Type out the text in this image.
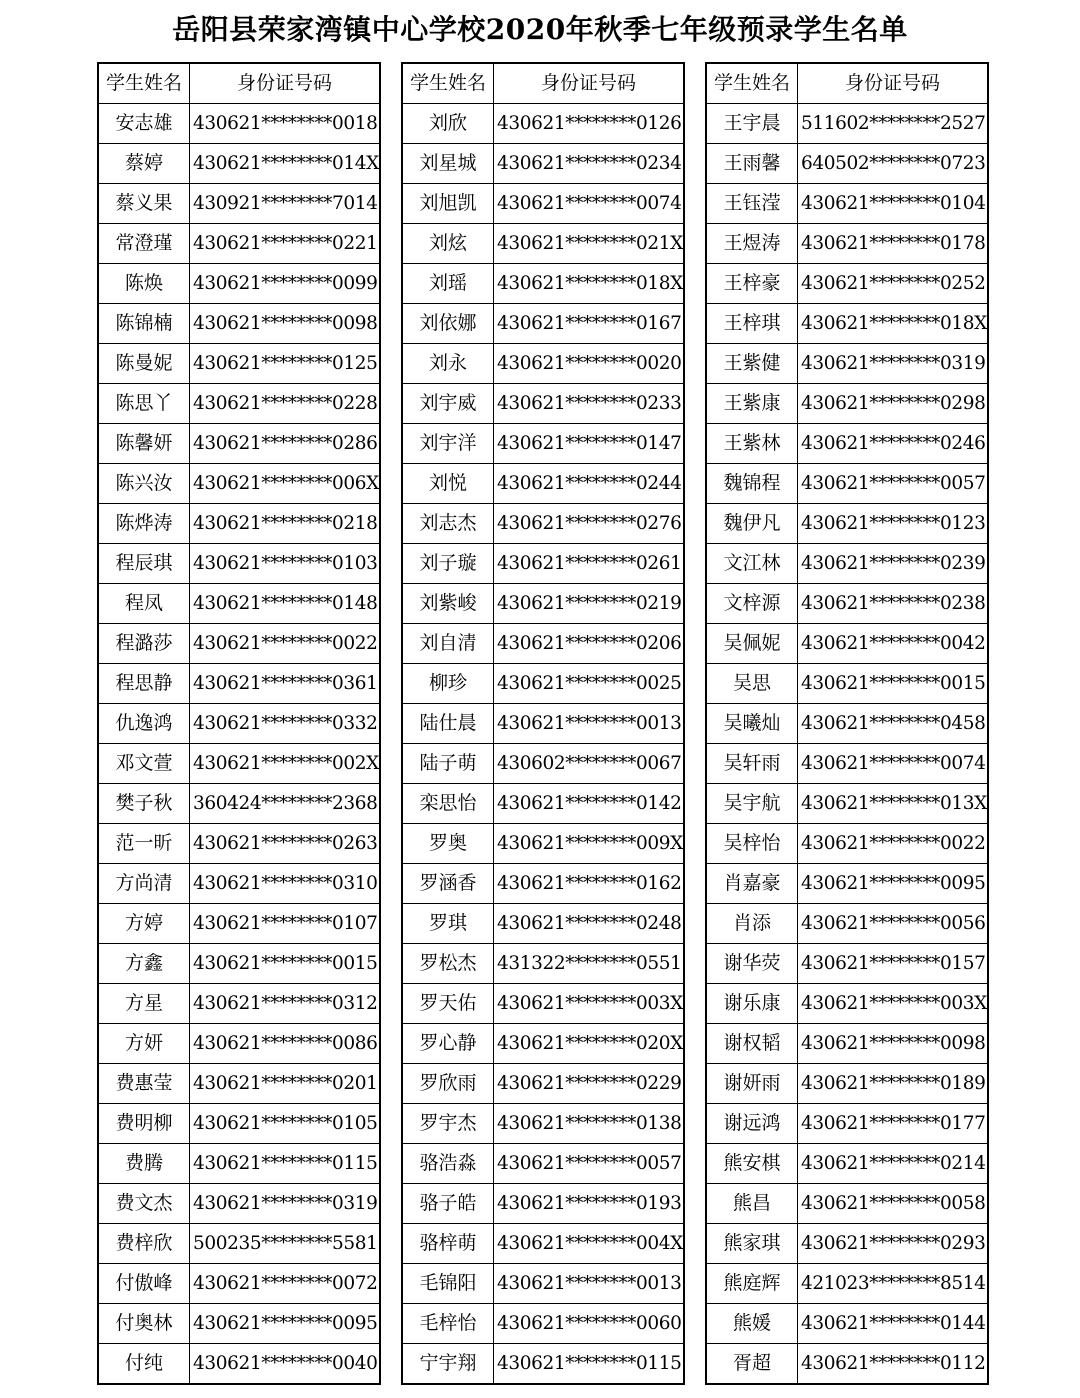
岳阳县荣家湾镇中心学校2020年秋季七年级预录学生名单
学生姓名	身份证号码
安志雄	430621********0018
蔡婷	430621********014X
蔡义果	430921********7014
常澄瑾	430621********0221
陈焕	430621********0099
陈锦楠	430621********0098
陈曼妮	430621********0125
陈思丫	430621********0228
陈馨妍	430621********0286
陈兴汝	430621********006X
陈烨涛	430621********0218
程辰琪	430621********0103
程凤	430621********0148
程潞莎	430621********0022
程思静	430621********0361
仇逸鸿	430621********0332
邓文萱	430621********002X
樊子秋	360424********2368
范一昕	430621********0263
方尚清	430621********0310
方婷	430621********0107
方鑫	430621********0015
方星	430621********0312
方妍	430621********0086
费惠莹	430621********0201
费明柳	430621********0105
费腾	430621********0115
费文杰	430621********0319
费梓欣	500235********5581
付傲峰	430621********0072
付奥林	430621********0095
付纯	430621********0040
学生姓名	身份证号码
刘欣	430621********0126
刘星城	430621********0234
刘旭凯	430621********0074
刘炫	430621********021X
刘瑶	430621********018X
刘依娜	430621********0167
刘永	430621********0020
刘宇威	430621********0233
刘宇洋	430621********0147
刘悦	430621********0244
刘志杰	430621********0276
刘子璇	430621********0261
刘紫峻	430621********0219
刘自清	430621********0206
柳珍	430621********0025
陆仕晨	430621********0013
陆子萌	430602********0067
栾思怡	430621********0142
罗奥	430621********009X
罗涵香	430621********0162
罗琪	430621********0248
罗松杰	431322********0551
罗天佑	430621********003X
罗心静	430621********020X
罗欣雨	430621********0229
罗宇杰	430621********0138
骆浩淼	430621********0057
骆子皓	430621********0193
骆梓萌	430621********004X
毛锦阳	430621********0013
毛梓怡	430621********0060
宁宇翔	430621********0115
学生姓名	身份证号码
王宇晨	511602********2527
王雨馨	640502********0723
王钰滢	430621********0104
王煜涛	430621********0178
王梓豪	430621********0252
王梓琪	430621********018X
王紫健	430621********0319
王紫康	430621********0298
王紫林	430621********0246
魏锦程	430621********0057
魏伊凡	430621********0123
文江林	430621********0239
文梓源	430621********0238
吴佩妮	430621********0042
吴思	430621********0015
吴曦灿	430621********0458
吴轩雨	430621********0074
吴宇航	430621********013X
吴梓怡	430621********0022
肖嘉豪	430621********0095
肖添	430621********0056
谢华荧	430621********0157
谢乐康	430621********003X
谢权韬	430621********0098
谢妍雨	430621********0189
谢远鸿	430621********0177
熊安棋	430621********0214
熊昌	430621********0058
熊家琪	430621********0293
熊庭辉	421023********8514
熊媛	430621********0144
胥超	430621********0112
